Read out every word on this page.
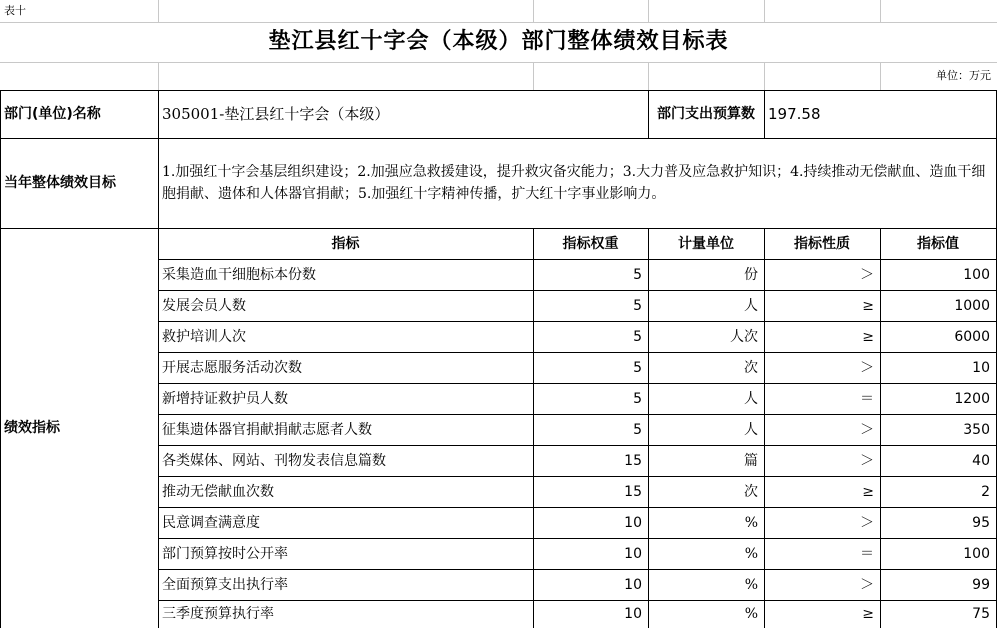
表十
垫江县红十字会（本级）部门整体绩效目标表
单位：万元
部门(单位)名称	305001-垫江县红十字会（本级）	部门支出预算数 197.58
当年整体绩效目标
1.加强红十字会基层组织建设；2.加强应急救援建设，提升救灾备灾能力；3.大力普及应急救护知识；4.持续推动无偿献血、造血干细胞捐献、遗体和人体器官捐献；5.加强红十字精神传播，扩大红十字事业影响力。
绩效指标
指标	指标权重	计量单位	指标性质	指标值
采集造血干细胞标本份数	5	份	＞	100
发展会员人数	5	人	≥	1000
救护培训人次	5	人次	≥	6000
开展志愿服务活动次数	5	次	＞	10
新增持证救护员人数	5	人	＝	1200
征集遗体器官捐献捐献志愿者人数	5	人	＞	350
各类媒体、网站、刊物发表信息篇数	15	篇	＞	40
推动无偿献血次数	15	次	≥	2
民意调查满意度	10	%	＞	95
部门预算按时公开率	10	%	＝	100
全面预算支出执行率	10	%	＞	99
三季度预算执行率	10	%	≥	75
